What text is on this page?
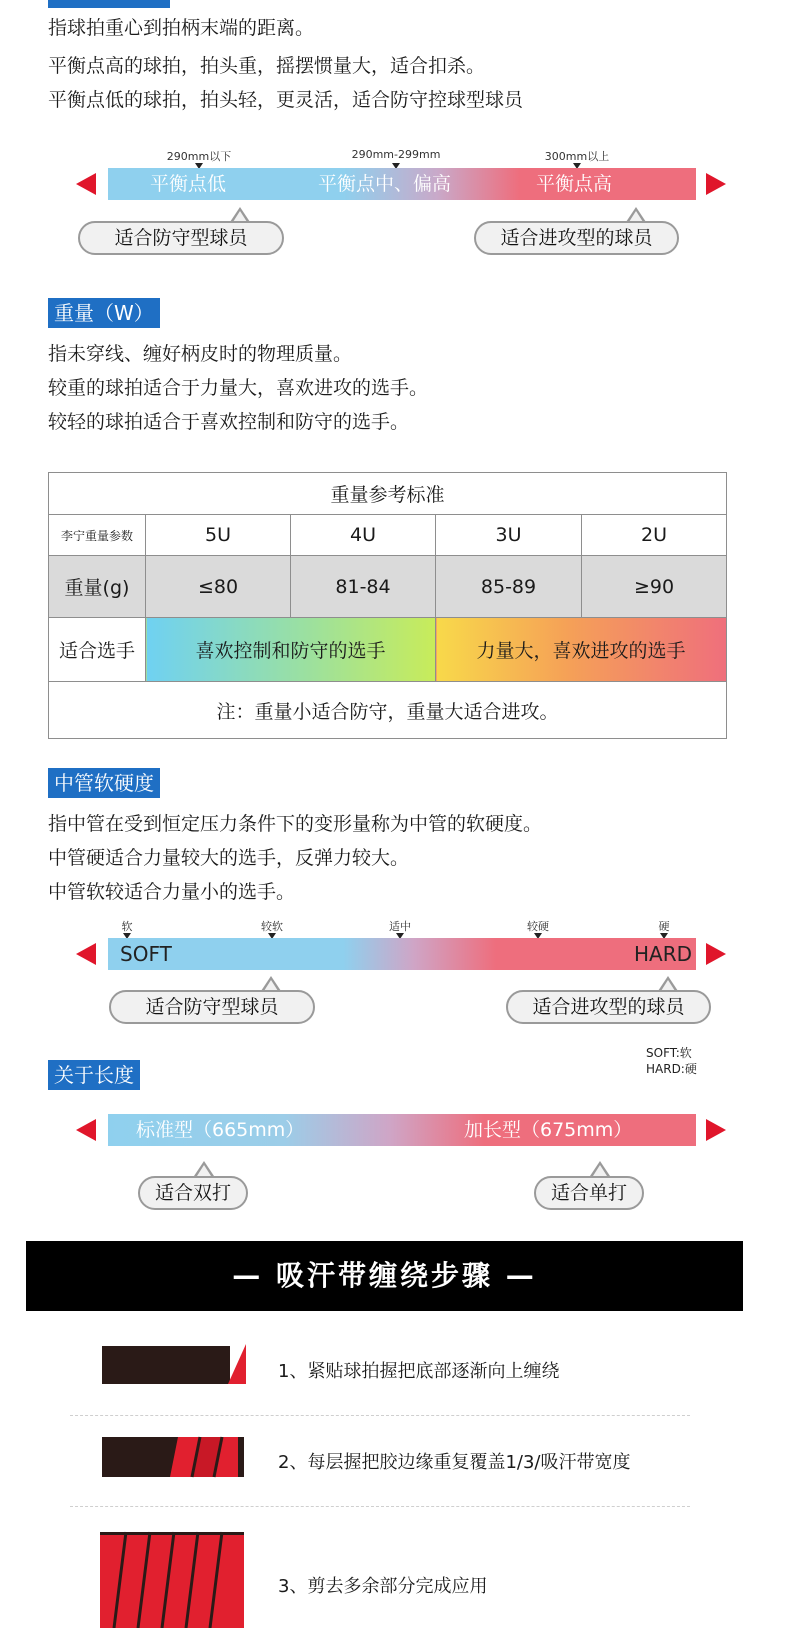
指球拍重心到拍柄末端的距离。
平衡点高的球拍，拍头重，摇摆惯量大，适合扣杀。
平衡点低的球拍，拍头轻，更灵活，适合防守控球型球员
290mm以下	290mm-299mm	300mm以上
平衡点低	平衡点中、偏高	平衡点高
适合防守型球员	适合进攻型的球员
重量（W）
指未穿线、缠好柄皮时的物理质量。
较重的球拍适合于力量大，喜欢进攻的选手。
较轻的球拍适合于喜欢控制和防守的选手。
重量参考标准				
李宁重量参数	5U	4U	3U	2U
重量(g)	≤80	81-84	85-89	≥90
适合选手	喜欢控制和防守的选手		力量大，喜欢进攻的选手	
注：重量小适合防守，重量大适合进攻。				
中管软硬度
指中管在受到恒定压力条件下的变形量称为中管的软硬度。
中管硬适合力量较大的选手，反弹力较大。
中管软较适合力量小的选手。
软	较软	适中	较硬	硬
SOFT	HARD
适合防守型球员	适合进攻型的球员
SOFT:软
HARD:硬
关于长度
标准型（665mm）	加长型（675mm）
适合双打	适合单打
— 吸汗带缠绕步骤 —
1、紧贴球拍握把底部逐渐向上缠绕
2、每层握把胶边缘重复覆盖1/3/吸汗带宽度
3、剪去多余部分完成应用
